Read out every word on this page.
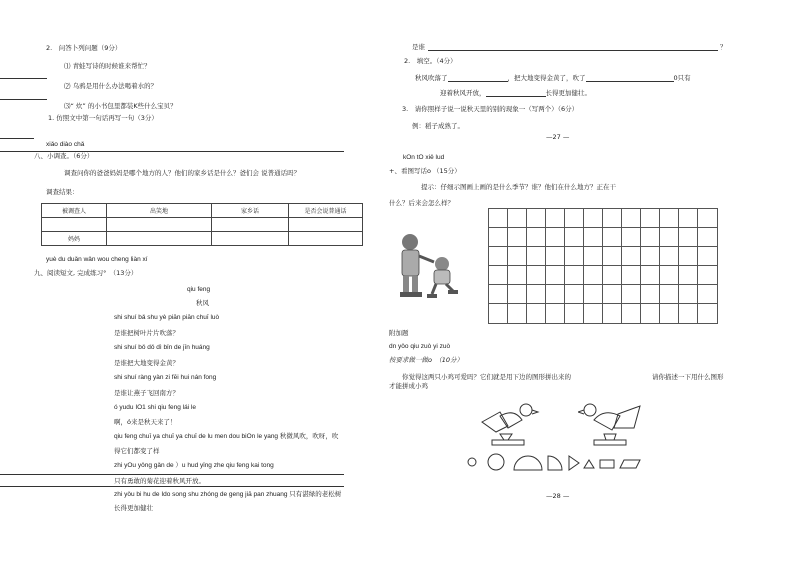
2.　问答卜列问题（9分）
⑴ 青蛙写诗的时候谁来帮忙？
⑵ 乌鸦是用什么办法喝着水的？
⑶“ 炊” 的小书包里都装K些什么宝贝？
1. 仿照文中第一句话再写一句（3分）
xiǎo diào chǎ
八、小调查。（6分）
调查问你的爸爸妈妈是哪个地方的人？他们的家乡话是什么？爸们会 说普通话吗？
调查结果：
被调查人	出笑地	家乡话	是否会说普通话

妈妈			
yuè du duǎn wǎn wou cheng liàn xí
九、阅读短文, 完成练习°　（13分）
qiu feng
秋风
shi shuí bǎ shu yè piān piān chuī luò
是谁把树叶片片吹落？
shi shuí bǒ dǒ dì bǐn de jīn huáng
是谁把大地变得金黄？
shi shuí ràng yàn zi fēi hui nán fong
是谁让燕子飞回南方？
ó yudu IO1 shi qiu feng lái le
啊，ó来是秋天来了！
qiu feng chuī ya chuī ya chuī de lu men dou biOn le yang 秋微风吹，吹呀，吹
得它们都变了样
zhi yOu yǒng gǎn de ）u hud yǐng zhe qiu feng kai tong
只有勇敢的菊花迎着秋风开放。
zhi yǒu bi hu de Ido song shu zhóng de geng jiā pan zhuang 只有湛绿的老松树
长得更加健壮
是谁	？
2.　填空。（4分）
秋风吹落了	，把大地变得金黄了，吹了	0只有
迎着秋风开放，	长得更加健壮。
3.　请你照样子说一说秋天里的别的现象一（写两个）（6分）
例：稻子成熟了。
—27 —
kOn tO xiě lud
+、看图写话o （15分）
提示：仔细示图画上画的是什么季节？谁？他们在什么地方？正在干
什么？后来会怎么样？
附加题
dn yǒo qiu zuò yi zuò
按要求做一做o　（10分）
你觉得这两只小鸡可爱吗？它们就是用下边的图形拼出来的	请你描述一下用什么图形
才能拼成小鸡
—28 —
